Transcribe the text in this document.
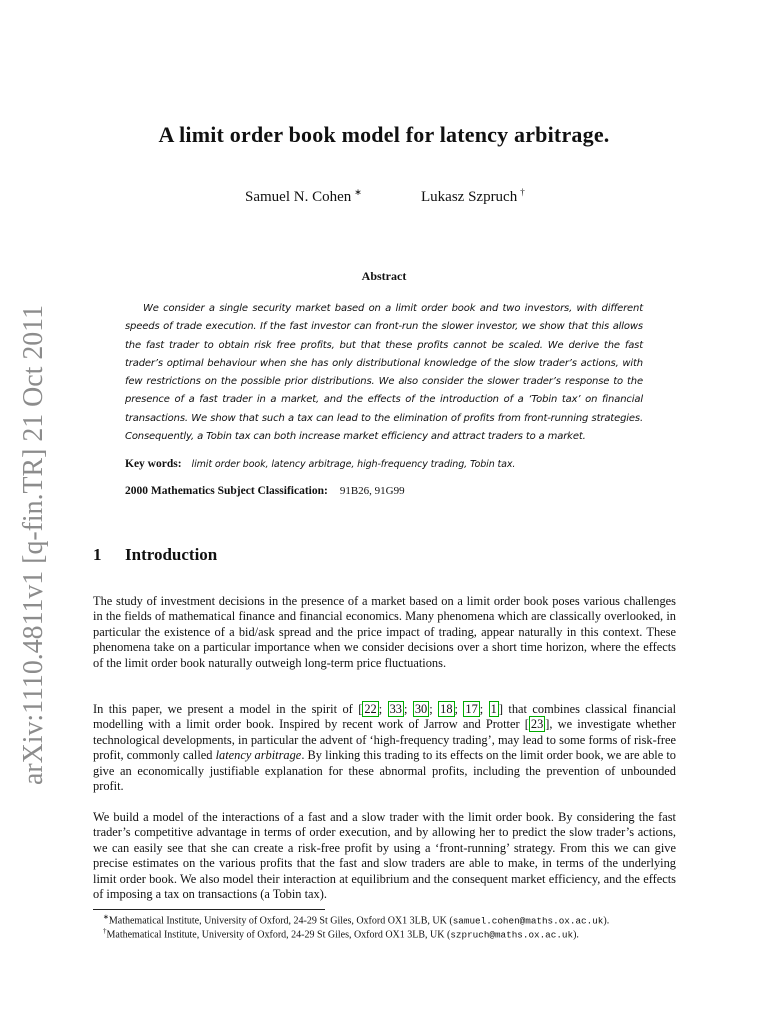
arXiv:1110.4811v1 [q-fin.TR] 21 Oct 2011
A limit order book model for latency arbitrage.
Samuel N. Cohen ∗	Lukasz Szpruch †
Abstract

We consider a single security market based on a limit order book and two investors, with different speeds of trade execution. If the fast investor can front-run the slower investor, we show that this allows the fast trader to obtain risk free profits, but that these profits cannot be scaled. We derive the fast trader’s optimal behaviour when she has only distributional knowledge of the slow trader’s actions, with few restrictions on the possible prior distributions. We also consider the slower trader’s response to the presence of a fast trader in a market, and the effects of the introduction of a ‘Tobin tax’ on financial transactions. We show that such a tax can lead to the elimination of profits from front-running strategies. Consequently, a Tobin tax can both increase market efficiency and attract traders to a market.

Key words: limit order book, latency arbitrage, high-frequency trading, Tobin tax.
2000 Mathematics Subject Classification: 91B26, 91G99
1 Introduction

The study of investment decisions in the presence of a market based on a limit order book poses various challenges in the fields of mathematical finance and financial economics. Many phenomena which are classically overlooked, in particular the existence of a bid/ask spread and the price impact of trading, appear naturally in this context. These phenomena take on a particular importance when we consider decisions over a short time horizon, where the effects of the limit order book naturally outweigh long-term price fluctuations.

In this paper, we present a model in the spirit of [ 22 ; 33 ; 30 ; 18 ; 17 ; 1 ] that combines classical financial modelling with a limit order book. Inspired by recent work of Jarrow and Protter [ 23 ], we investigate whether technological developments, in particular the advent of ‘high-frequency trading’, may lead to some forms of risk-free profit, commonly called latency arbitrage. By linking this trading to its effects on the limit order book, we are able to give an economically justifiable explanation for these abnormal profits, including the prevention of unbounded profit.

We build a model of the interactions of a fast and a slow trader with the limit order book. By considering the fast trader’s competitive advantage in terms of order execution, and by allowing her to predict the slow trader’s actions, we can easily see that she can create a risk-free profit by using a ‘front-running’ strategy. From this we can give precise estimates on the various profits that the fast and slow traders are able to make, in terms of the underlying limit order book. We also model their interaction at equilibrium and the consequent market efficiency, and the effects of imposing a tax on transactions (a Tobin tax).

∗Mathematical Institute, University of Oxford, 24-29 St Giles, Oxford OX1 3LB, UK (samuel.cohen@maths.ox.ac.uk).
†Mathematical Institute, University of Oxford, 24-29 St Giles, Oxford OX1 3LB, UK (szpruch@maths.ox.ac.uk).
